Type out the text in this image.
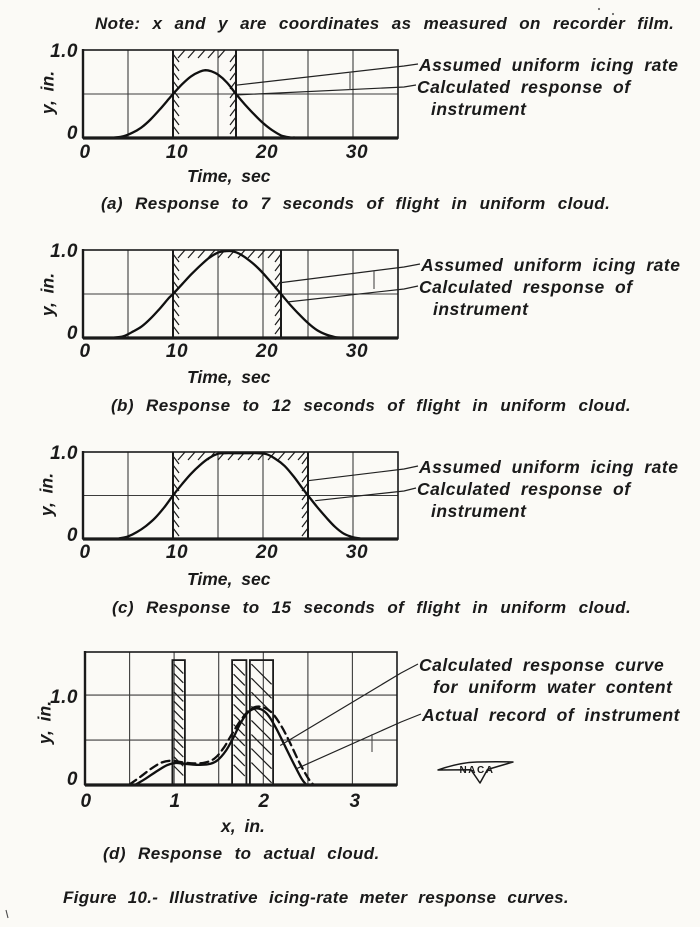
Note: x and y are coordinates as measured on recorder film.
1.0
0
y, in.
0	10	20	30
Time, sec
Assumed uniform icing rate
Calculated response of
instrument
(a) Response to 7 seconds of flight in uniform cloud.
1.0
0
y, in.
0	10	20	30
Time, sec
Assumed uniform icing rate
Calculated response of
instrument
(b) Response to 12 seconds of flight in uniform cloud.
1.0
0
y, in.
0	10	20	30
Time, sec
Assumed uniform icing rate
Calculated response of
instrument
(c) Response to 15 seconds of flight in uniform cloud.
1.0
0
y, in.
0	1	2	3
x, in.
Calculated response curve
for uniform water content
Actual record of instrument
(d) Response to actual cloud.
NACA
Figure 10.- Illustrative icing-rate meter response curves.
